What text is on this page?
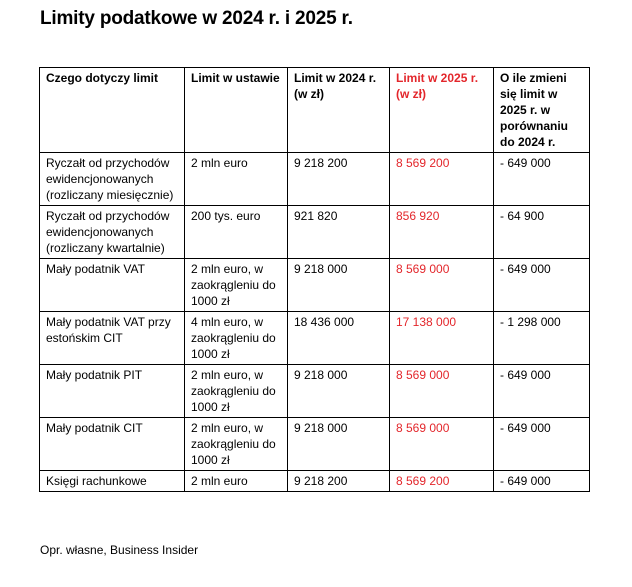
Limity podatkowe w 2024 r. i 2025 r.
Czego dotyczy limit	Limit w ustawie	Limit w 2024 r. (w zł)	Limit w 2025 r. (w zł)	O ile zmieni się limit w 2025 r. w porównaniu do 2024 r.
Ryczałt od przychodów ewidencjonowanych (rozliczany miesięcznie)	2 mln euro	9 218 200	8 569 200	- 649 000
Ryczałt od przychodów ewidencjonowanych (rozliczany kwartalnie)	200 tys. euro	921 820	856 920	- 64 900
Mały podatnik VAT	2 mln euro, w zaokrągleniu do 1000 zł	9 218 000	8 569 000	- 649 000
Mały podatnik VAT przy estońskim CIT	4 mln euro, w zaokrągleniu do 1000 zł	18 436 000	17 138 000	- 1 298 000
Mały podatnik PIT	2 mln euro, w zaokrągleniu do 1000 zł	9 218 000	8 569 000	- 649 000
Mały podatnik CIT	2 mln euro, w zaokrągleniu do 1000 zł	9 218 000	8 569 000	- 649 000
Księgi rachunkowe	2 mln euro	9 218 200	8 569 200	- 649 000
Opr. własne, Business Insider
